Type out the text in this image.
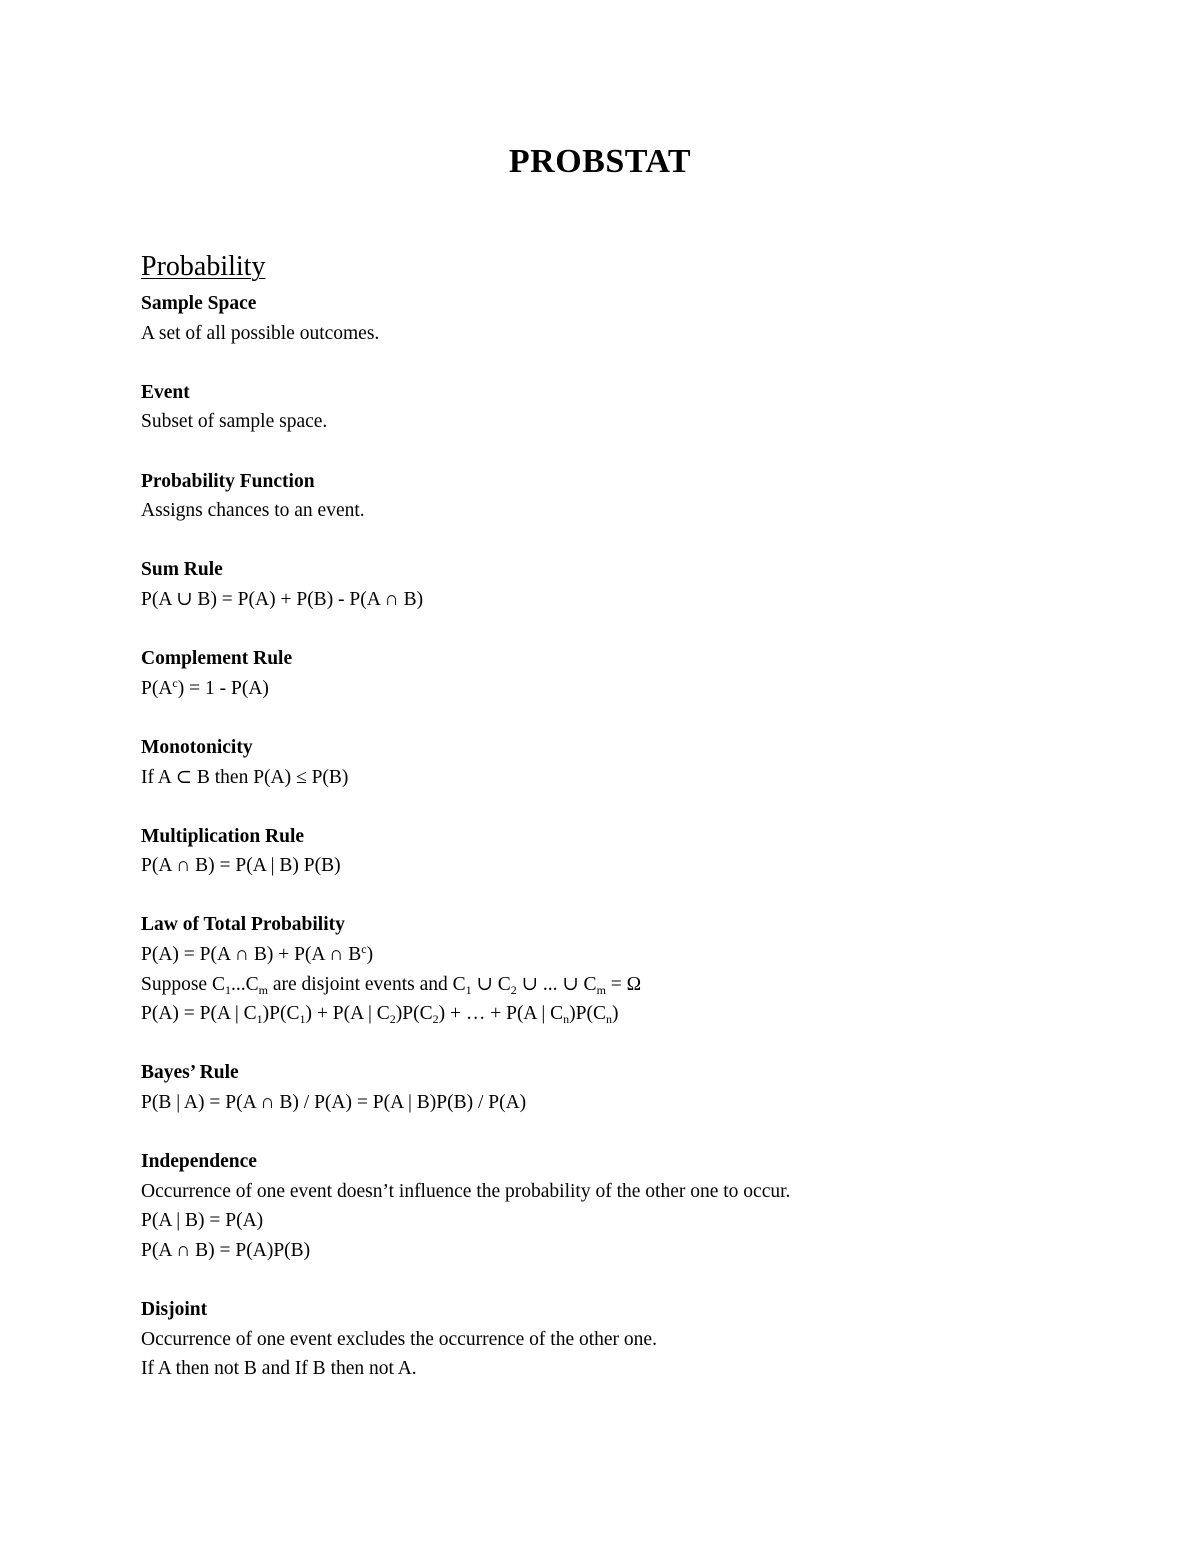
PROBSTAT
Probability
Sample Space
A set of all possible outcomes.
Event
Subset of sample space.
Probability Function
Assigns chances to an event.
Sum Rule
P(A ∪ B) = P(A) + P(B) - P(A ∩ B)
Complement Rule
$P(A^c) = 1 - P(A)$
Monotonicity
If A ⊂ B then P(A) ≤ P(B)
Multiplication Rule
P(A ∩ B) = P(A | B) P(B)
Law of Total Probability
P(A) = P(A ∩ B) + P(A ∩ $B^c$)
Suppose $C_1...C_m$ are disjoint events and $C_1$ ∪ $C_2$ ∪ ... ∪ $C_m = \Omega$
P(A) = P(A | $C_1)P(C_1) + P(A$ | $C_2)P(C_2)$ + … + P(A | $C_n)P(C_n)$
Bayes’ Rule
P(B | A) = P(A ∩ B) / P(A) = P(A | B)P(B) / P(A)
Independence
Occurrence of one event doesn’t influence the probability of the other one to occur.
P(A | B) = P(A)
P(A ∩ B) = P(A)P(B)
Disjoint
Occurrence of one event excludes the occurrence of the other one.
If A then not B and If B then not A.
